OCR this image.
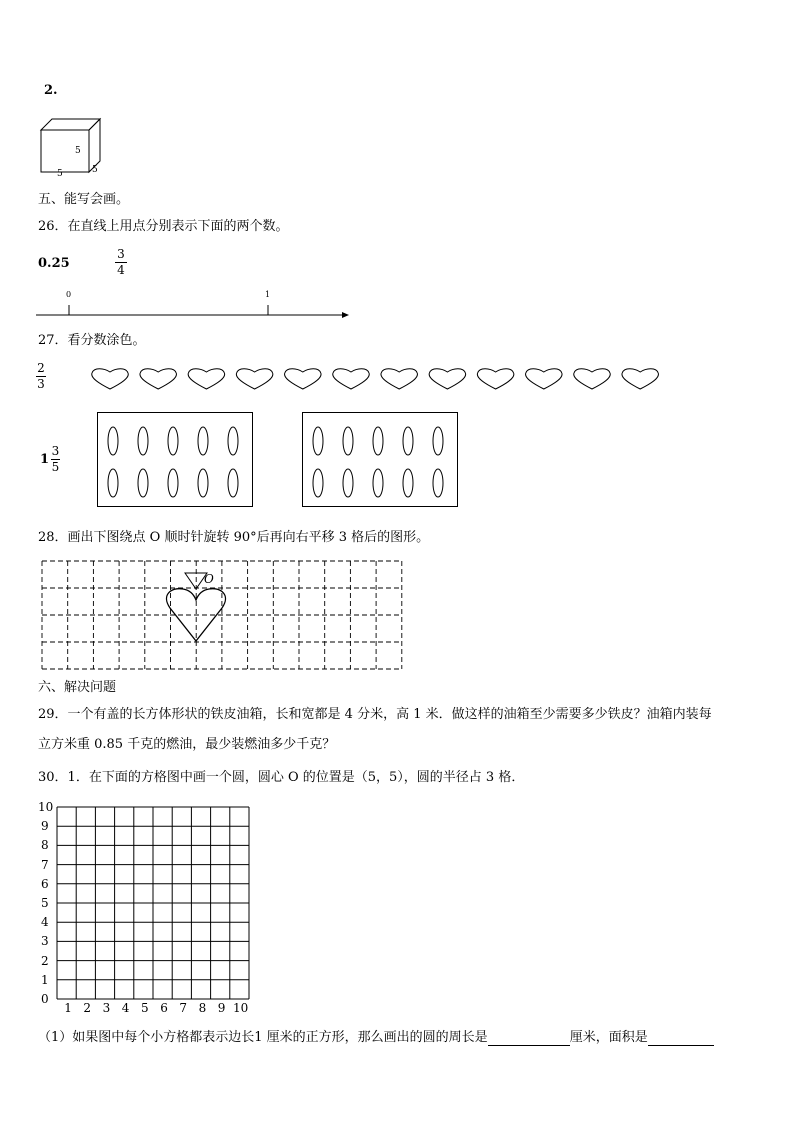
2.
5
5	5
五、能写会画。
26．在直线上用点分别表示下面的两个数。
0.25
3
4
0	1
27．看分数涂色。
2
3
1
3
5
28．画出下图绕点 O 顺时针旋转 90°后再向右平移 3 格后的图形。
O
六、解决问题
29．一个有盖的长方体形状的铁皮油箱，长和宽都是 4 分米，高 1 米．做这样的油箱至少需要多少铁皮？油箱内装每
立方米重 0.85 千克的燃油，最少装燃油多少千克？
30．1．在下面的方格图中画一个圆，圆心 O 的位置是（5，5），圆的半径占 3 格．
10
9
8
7
6
5
4
3
2
1
0
1 2 3 4 5 6 7 8 9 10
（1）如果图中每个小方格都表示边长1 厘米的正方形，那么画出的圆的周长是	厘米，面积是
